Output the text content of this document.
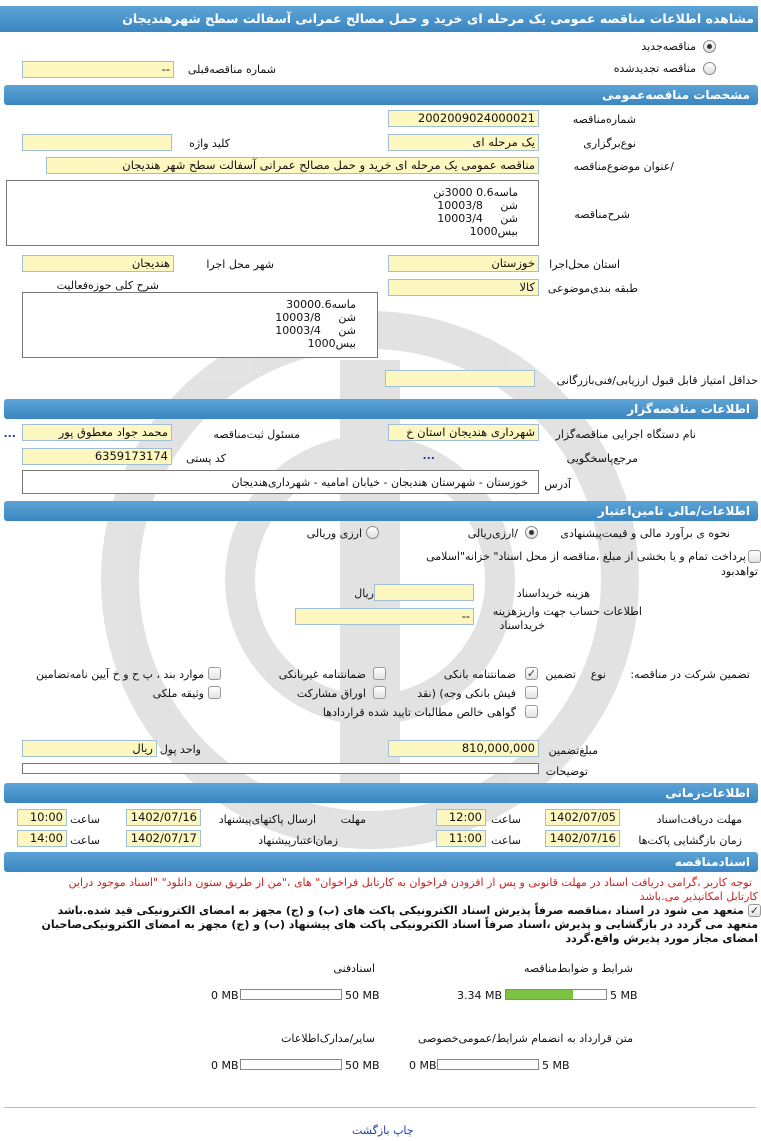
مشاهده اطلاعات مناقصه عمومی یک مرحله ای خرید و حمل مصالح عمرانی آسفالت سطح شهرهندیجان
مناقصه‌جدید
مناقصه تجدیدشده
شماره مناقصه‌قبلی
--
مشخصات مناقصه‌عمومی
شماره‌مناقصه
2002009024000021
نوع‌برگزاری
یک مرحله ای
کلید واژه
/عنوان موضوع‌مناقصه
مناقصه عمومی یک مرحله ای خرید و حمل مصالح عمرانی آسفالت سطح شهر هندیجان
شرح‌مناقصه
ماسه0.6 3000تن
شن     10003/8
شن     10003/4
بیس1000
استان محل‌اجرا
خوزستان
شهر محل اجرا
هندیجان
طبقه بندی‌موضوعی
کالا
شرح کلی حوزه‌فعالیت
ماسه30000.6
شن     10003/8
شن     10003/4
بیس1000
حداقل امتیاز قابل قبول ارزیابی/فنی‌بازرگانی
اطلاعات مناقصه‌گزار
نام دستگاه اجرایی مناقصه‌گزار
شهرداری هندیجان استان خ
مسئول ثبت‌مناقصه
محمد جواد معطوق پور
...
مرجع‌پاسخگویی
...
کد پستی
6359173174
آدرس
خوزستان - شهرستان هندیجان - خیابان امامیه - شهرداری‌هندیجان
اطلاعات/مالی تامین‌اعتبار
نحوه ی برآورد مالی و قیمت‌پیشنهادی
/ارزی‌ریالی
ارزی وریالی
پرداخت تمام و یا بخشی از مبلغ ،مناقصه از محل اسناد" خزانه"اسلامی
تواهدبود
هزینه خریداسناد
ریال
اطلاعات حساب جهت واریزهزینه
خریداسناد
--
تضمین شرکت در مناقصه:
نوع
تضمین
✓
ضمانتنامه بانکی
ضمانتنامه غیربانکی
موارد بند ، پ ح و خ آیین نامه‌تضامین
فیش بانکی وجه) (نقد
اوراق مشارکت
وثیقه ملکی
گواهی خالص مطالبات تایید شده قراردادها
مبلغ‌تضمین
810,000,000
واحد پول
ریال
توضیحات
اطلاعات‌زمانی
مهلت دریافت‌اسناد
1402/07/05
ساعت
12:00
ارسال پاکتهای‌پیشنهاد مهلت
1402/07/16
ساعت
10:00
زمان بازگشایی پاکت‌ها
1402/07/16
ساعت
11:00
اعتبارپیشنهاد زمان
1402/07/17
ساعت
14:00
اسنادمناقصه
توجه کاربر ،گرامی دریافت اسناد در مهلت قانونی و پس از افزودن فراخوان به کارتابل فراخوان" های ،"من از طریق ستون دانلود" "اسناد موجود دراین
کارتابل امکانپذیر می.باشد
✓
متعهد می شود در اسناد ،مناقصه صرفاً پذیرش اسناد الکترونیکی پاکت های (ب) و (ج) مجهز به امضای الکترونیکی قید شده.باشد
متعهد می گردد در بازگشایی و پذیرش ،اسناد صرفاً اسناد الکترونیکی پاکت های پیشنهاد (ب) و (ج) مجهز به امضای الکترونیکی‌صاحبان
امضای مجاز مورد پذیرش واقع.گردد
شرایط و ضوابط‌مناقصه
5 MB
3.34 MB
اسنادفنی
50 MB
0 MB
متن قرارداد به انضمام شرایط/عمومی‌خصوصی
5 MB
0 MB
سایر/مدارک‌اطلاعات
50 MB
0 MB
چاپ بازگشت
